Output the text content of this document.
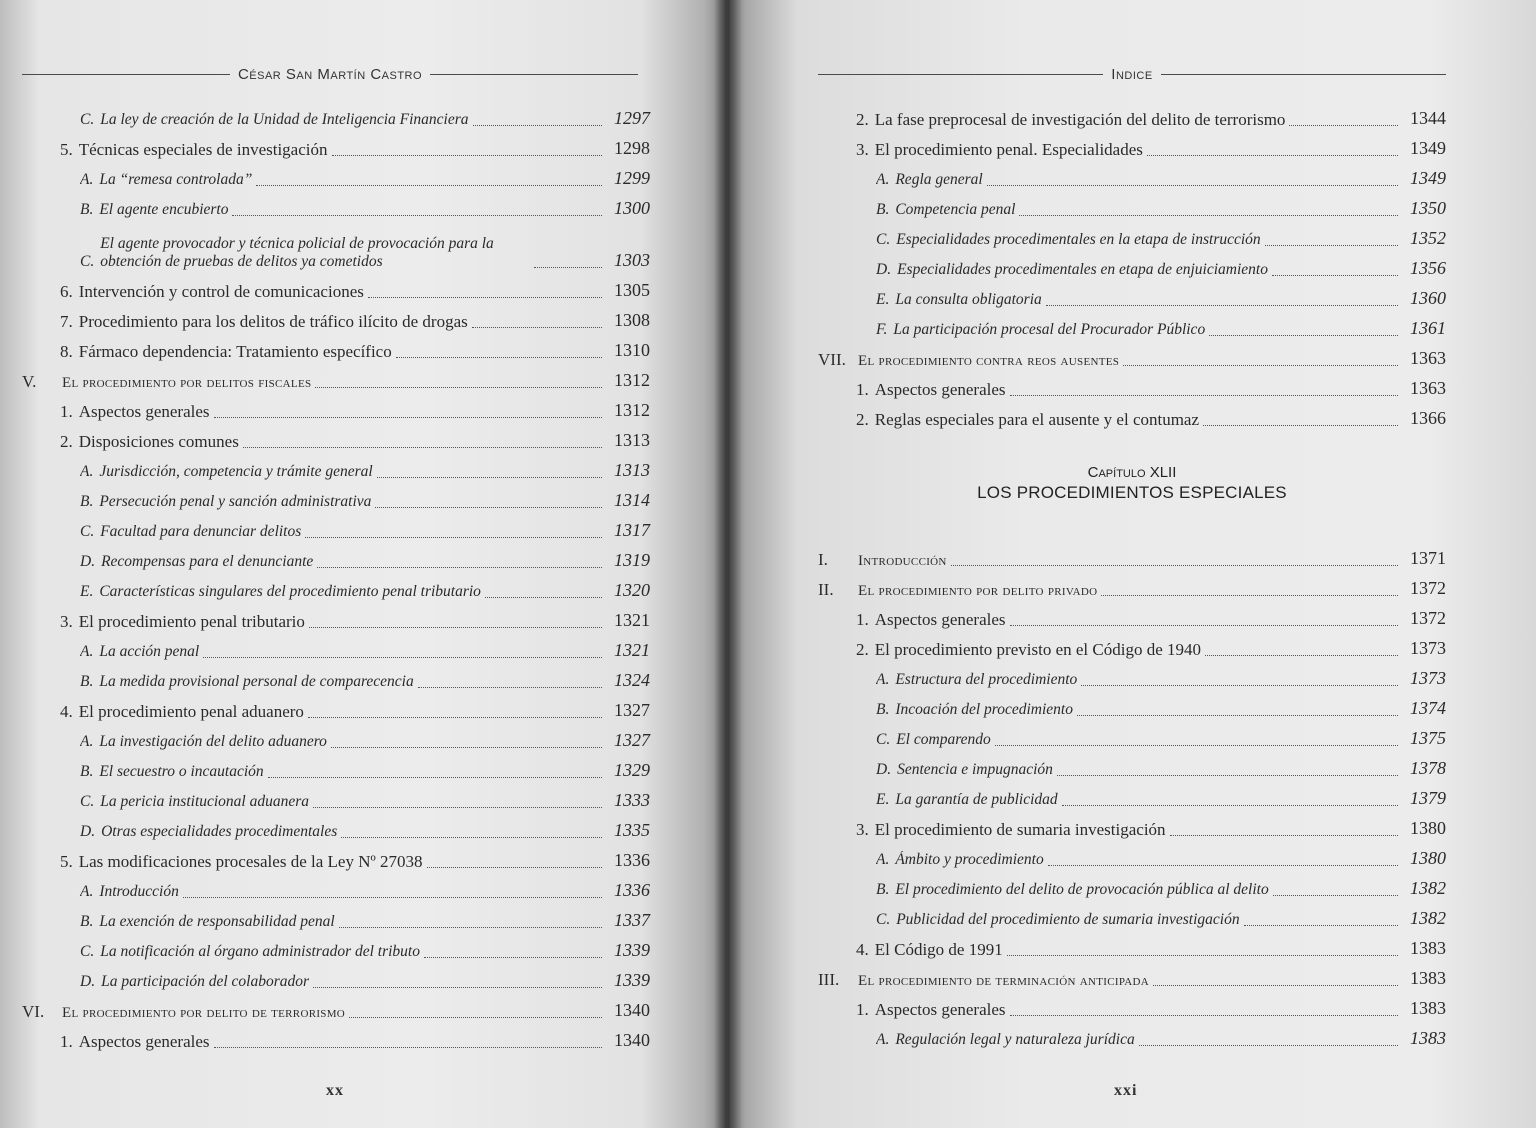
César San Martín Castro
C. La ley de creación de la Unidad de Inteligencia Financiera	1297
5. Técnicas especiales de investigación	1298
A. La “remesa controlada”	1299
B. El agente encubierto	1300
C.
El agente provocador y técnica policial de provocación para la obtención de pruebas de delitos ya cometidos	1303
6. Intervención y control de comunicaciones	1305
7. Procedimiento para los delitos de tráfico ilícito de drogas	1308
8. Fármaco dependencia: Tratamiento específico	1310
V.	El procedimiento por delitos fiscales	1312
1. Aspectos generales	1312
2. Disposiciones comunes	1313
A. Jurisdicción, competencia y trámite general	1313
B. Persecución penal y sanción administrativa	1314
C. Facultad para denunciar delitos	1317
D. Recompensas para el denunciante	1319
E. Características singulares del procedimiento penal tributario	1320
3. El procedimiento penal tributario	1321
A. La acción penal	1321
B. La medida provisional personal de comparecencia	1324
4. El procedimiento penal aduanero	1327
A. La investigación del delito aduanero	1327
B. El secuestro o incautación	1329
C. La pericia institucional aduanera	1333
D. Otras especialidades procedimentales	1335
5. Las modificaciones procesales de la Ley Nº 27038	1336
A. Introducción	1336
B. La exención de responsabilidad penal	1337
C. La notificación al órgano administrador del tributo	1339
D. La participación del colaborador	1339
VI.	El procedimiento por delito de terrorismo	1340
1. Aspectos generales	1340
xx
Indice
2. La fase preprocesal de investigación del delito de terrorismo	1344
3. El procedimiento penal. Especialidades	1349
A. Regla general	1349
B. Competencia penal	1350
C. Especialidades procedimentales en la etapa de instrucción	1352
D. Especialidades procedimentales en etapa de enjuiciamiento	1356
E. La consulta obligatoria	1360
F. La participación procesal del Procurador Público	1361
VII. El procedimiento contra reos ausentes	1363
1. Aspectos generales	1363
2. Reglas especiales para el ausente y el contumaz	1366
Capítulo XLII
LOS PROCEDIMIENTOS ESPECIALES
I.	Introducción	1371
II.	El procedimiento por delito privado	1372
1. Aspectos generales	1372
2. El procedimiento previsto en el Código de 1940	1373
A. Estructura del procedimiento	1373
B. Incoación del procedimiento	1374
C. El comparendo	1375
D. Sentencia e impugnación	1378
E. La garantía de publicidad	1379
3. El procedimiento de sumaria investigación	1380
A. Ámbito y procedimiento	1380
B. El procedimiento del delito de provocación pública al delito	1382
C. Publicidad del procedimiento de sumaria investigación	1382
4. El Código de 1991	1383
III.	El procedimiento de terminación anticipada	1383
1. Aspectos generales	1383
A. Regulación legal y naturaleza jurídica	1383
xxi
